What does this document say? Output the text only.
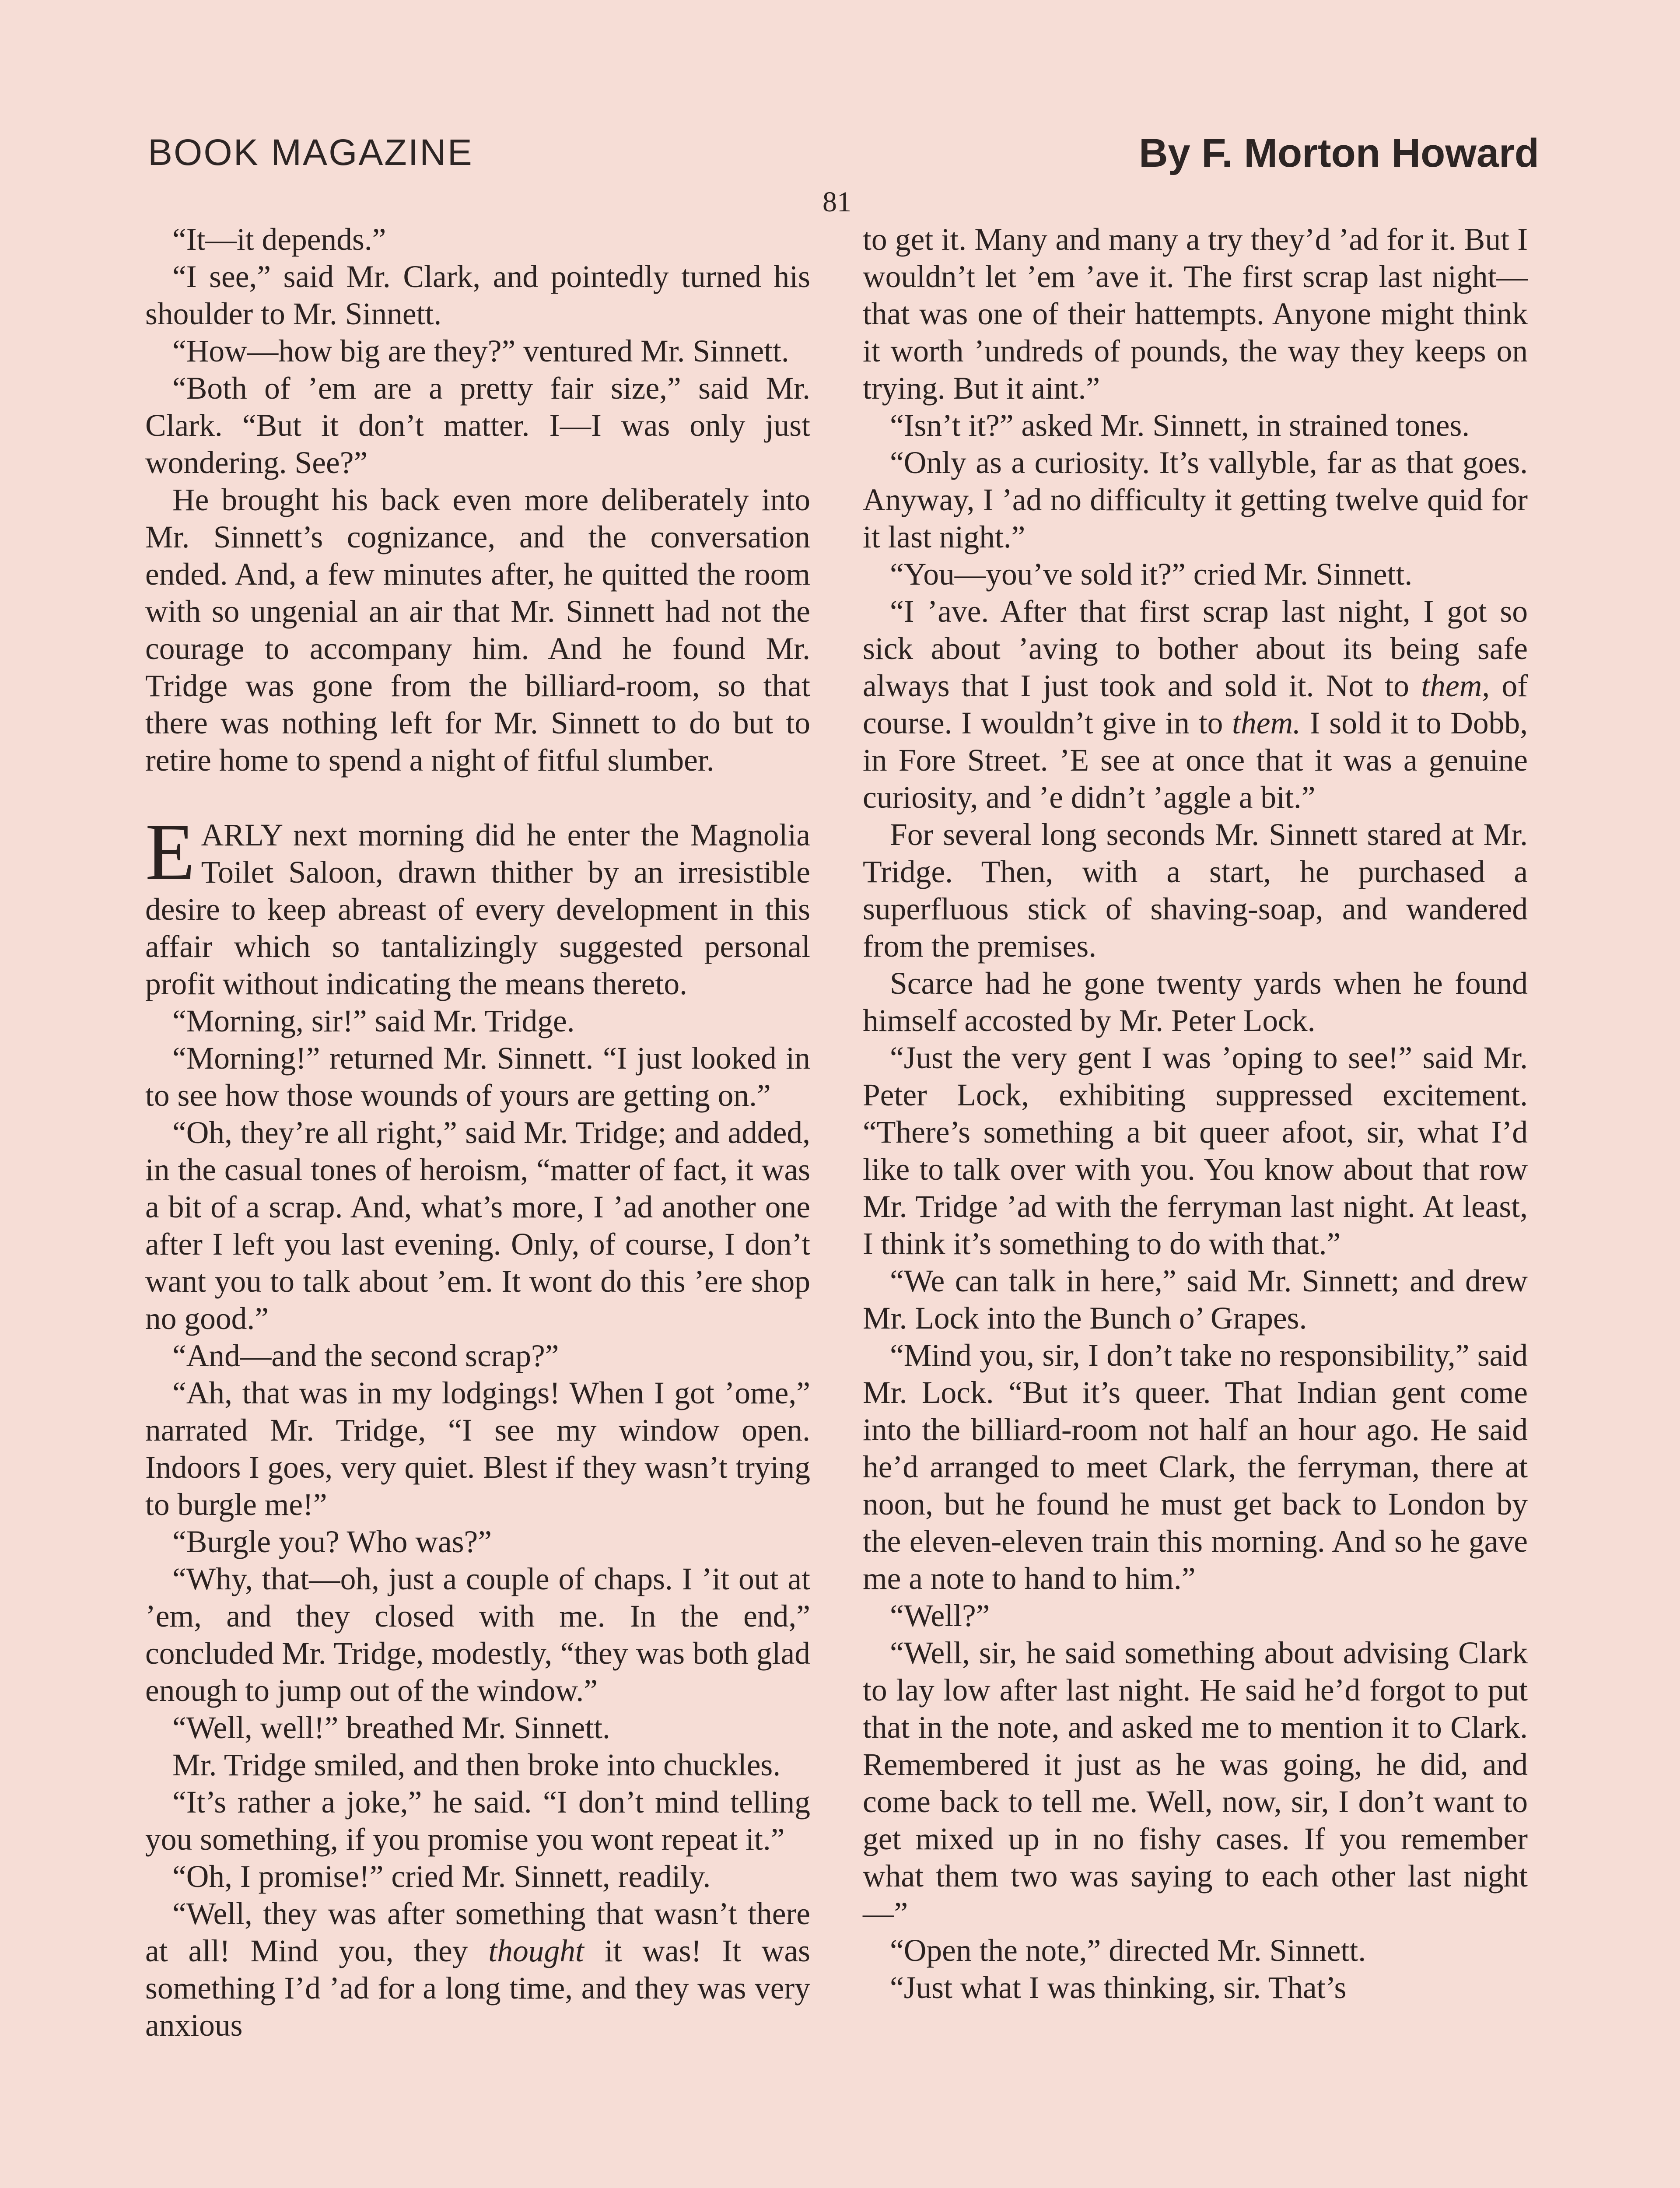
BOOK MAGAZINE	By F. Morton Howard
81

“It—it depends.”

“I see,” said Mr. Clark, and pointedly turned his shoulder to Mr. Sinnett.

“How—how big are they?” ventured Mr. Sinnett.

“Both of ’em are a pretty fair size,” said Mr. Clark. “But it don’t matter. I—I was only just wondering. See?”

He brought his back even more deliberately into Mr. Sinnett’s cognizance, and the conversation ended. And, a few minutes after, he quitted the room with so ungenial an air that Mr. Sinnett had not the courage to accompany him. And he found Mr. Tridge was gone from the billiard-room, so that there was nothing left for Mr. Sinnett to do but to retire home to spend a night of fitful slumber.

EARLY next morning did he enter the Magnolia Toilet Saloon, drawn thither by an irresistible desire to keep abreast of every development in this affair which so tantalizingly suggested personal profit without indicating the means thereto.

“Morning, sir!” said Mr. Tridge.

“Morning!” returned Mr. Sinnett. “I just looked in to see how those wounds of yours are getting on.”

“Oh, they’re all right,” said Mr. Tridge; and added, in the casual tones of heroism, “matter of fact, it was a bit of a scrap. And, what’s more, I ’ad another one after I left you last evening. Only, of course, I don’t want you to talk about ’em. It wont do this ’ere shop no good.”

“And—and the second scrap?”

“Ah, that was in my lodgings! When I got ’ome,” narrated Mr. Tridge, “I see my window open. Indoors I goes, very quiet. Blest if they wasn’t trying to burgle me!”

“Burgle you? Who was?”

“Why, that—oh, just a couple of chaps. I ’it out at ’em, and they closed with me. In the end,” concluded Mr. Tridge, modestly, “they was both glad enough to jump out of the window.”

“Well, well!” breathed Mr. Sinnett.

Mr. Tridge smiled, and then broke into chuckles.

“It’s rather a joke,” he said. “I don’t mind telling you something, if you promise you wont repeat it.”

“Oh, I promise!” cried Mr. Sinnett, readily.

“Well, they was after something that wasn’t there at all! Mind you, they thought it was! It was something I’d ’ad for a long time, and they was very anxious

to get it. Many and many a try they’d ’ad for it. But I wouldn’t let ’em ’ave it. The first scrap last night—that was one of their hattempts. Anyone might think it worth ’undreds of pounds, the way they keeps on trying. But it aint.”

“Isn’t it?” asked Mr. Sinnett, in strained tones.

“Only as a curiosity. It’s vallyble, far as that goes. Anyway, I ’ad no difficulty it getting twelve quid for it last night.”

“You—you’ve sold it?” cried Mr. Sinnett.

“I ’ave. After that first scrap last night, I got so sick about ’aving to bother about its being safe always that I just took and sold it. Not to them, of course. I wouldn’t give in to them. I sold it to Dobb, in Fore Street. ’E see at once that it was a genuine curiosity, and ’e didn’t ’aggle a bit.”

For several long seconds Mr. Sinnett stared at Mr. Tridge. Then, with a start, he purchased a superfluous stick of shaving-soap, and wandered from the premises.

Scarce had he gone twenty yards when he found himself accosted by Mr. Peter Lock.

“Just the very gent I was ’oping to see!” said Mr. Peter Lock, exhibiting suppressed excitement. “There’s something a bit queer afoot, sir, what I’d like to talk over with you. You know about that row Mr. Tridge ’ad with the ferryman last night. At least, I think it’s something to do with that.”

“We can talk in here,” said Mr. Sinnett; and drew Mr. Lock into the Bunch o’ Grapes.

“Mind you, sir, I don’t take no responsibility,” said Mr. Lock. “But it’s queer. That Indian gent come into the billiard-room not half an hour ago. He said he’d arranged to meet Clark, the ferryman, there at noon, but he found he must get back to London by the eleven-eleven train this morning. And so he gave me a note to hand to him.”

“Well?”

“Well, sir, he said something about advising Clark to lay low after last night. He said he’d forgot to put that in the note, and asked me to mention it to Clark. Remembered it just as he was going, he did, and come back to tell me. Well, now, sir, I don’t want to get mixed up in no fishy cases. If you remember what them two was saying to each other last night—”

“Open the note,” directed Mr. Sinnett.

“Just what I was thinking, sir. That’s
